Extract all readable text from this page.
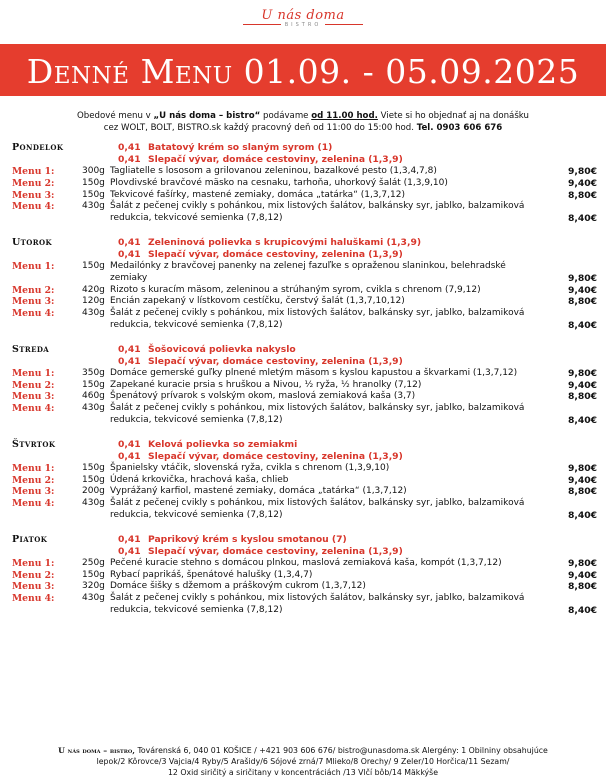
U nás doma
BISTRO
Denné Menu 01.09. - 05.09.2025
Obedové menu v „U nás doma – bistro“ podávame od 11.00 hod. Viete si ho objednať aj na donášku
cez WOLT, BOLT, BISTRO.sk každý pracovný deň od 11:00 do 15:00 hod. Tel. 0903 606 676
Pondelok	0,41 Batatový krém so slaným syrom (1)
0,41 Slepačí vývar, domáce cestoviny, zelenina (1,3,9)
Menu 1:	300g Tagliatelle s lososom a grilovanou zeleninou, bazalkové pesto (1,3,4,7,8)	9,80€
Menu 2:	150g Plovdivské bravčové mäsko na cesnaku, tarhoňa, uhorkový šalát (1,3,9,10)	9,40€
Menu 3:	150g Tekvicové fašírky, mastené zemiaky, domáca „tatárka“ (1,3,7,12)	8,80€
Menu 4:	430g Šalát z pečenej cvikly s pohánkou, mix listových šalátov, balkánsky syr, jablko, balzamiková redukcia, tekvicové semienka (7,8,12)	8,40€
Utorok	0,41 Zeleninová polievka s krupicovými haluškami (1,3,9)
0,41 Slepačí vývar, domáce cestoviny, zelenina (1,3,9)
Menu 1:	150g Medailónky z bravčovej panenky na zelenej fazuľke s opraženou slaninkou, belehradské zemiaky	9,80€
Menu 2:	420g Rizoto s kuracím mäsom, zeleninou a strúhaným syrom, cvikla s chrenom (7,9,12)	9,40€
Menu 3:	120g Encián zapekaný v lístkovom cestíčku, čerstvý šalát (1,3,7,10,12)	8,80€
Menu 4:	430g Šalát z pečenej cvikly s pohánkou, mix listových šalátov, balkánsky syr, jablko, balzamiková redukcia, tekvicové semienka (7,8,12)	8,40€
Streda	0,41 Šošovicová polievka nakyslo
0,41 Slepačí vývar, domáce cestoviny, zelenina (1,3,9)
Menu 1:	350g Domáce gemerské guľky plnené mletým mäsom s kyslou kapustou a škvarkami (1,3,7,12)	9,80€
Menu 2:	150g Zapekané kuracie prsia s hruškou a Nivou, ½ ryža, ½ hranolky (7,12)	9,40€
Menu 3:	460g Špenátový prívarok s volským okom, maslová zemiaková kaša (3,7)	8,80€
Menu 4:	430g Šalát z pečenej cvikly s pohánkou, mix listových šalátov, balkánsky syr, jablko, balzamiková redukcia, tekvicové semienka (7,8,12)	8,40€
Štvrtok	0,41 Kelová polievka so zemiakmi
0,41 Slepačí vývar, domáce cestoviny, zelenina (1,3,9)
Menu 1:	150g Španielsky vtáčik, slovenská ryža, cvikla s chrenom (1,3,9,10)	9,80€
Menu 2:	150g Údená krkovička, hrachová kaša, chlieb	9,40€
Menu 3:	200g Vyprážaný karfiol, mastené zemiaky, domáca „tatárka“ (1,3,7,12)	8,80€
Menu 4:	430g Šalát z pečenej cvikly s pohánkou, mix listových šalátov, balkánsky syr, jablko, balzamiková redukcia, tekvicové semienka (7,8,12)	8,40€
Piatok	0,41 Paprikový krém s kyslou smotanou (7)
0,41 Slepačí vývar, domáce cestoviny, zelenina (1,3,9)
Menu 1:	250g Pečené kuracie stehno s domácou plnkou, maslová zemiaková kaša, kompót (1,3,7,12)	9,80€
Menu 2:	150g Rybací paprikáš, špenátové halušky (1,3,4,7)	9,40€
Menu 3:	320g Domáce šišky s džemom a práškovým cukrom (1,3,7,12)	8,80€
Menu 4:	430g Šalát z pečenej cvikly s pohánkou, mix listových šalátov, balkánsky syr, jablko, balzamiková redukcia, tekvicové semienka (7,8,12)	8,40€
U nás doma – bistro, Továrenská 6, 040 01 KOŠICE / +421 903 606 676/ bistro@unasdoma.sk Alergény: 1 Obilniny obsahujúce
lepok/2 Kôrovce/3 Vajcia/4 Ryby/5 Arašidy/6 Sójové zrná/7 Mlieko/8 Orechy/ 9 Zeler/10 Horčica/11 Sezam/
12 Oxid siričitý a siričitany v koncentráciách /13 Vlčí bôb/14 Mäkkýše
